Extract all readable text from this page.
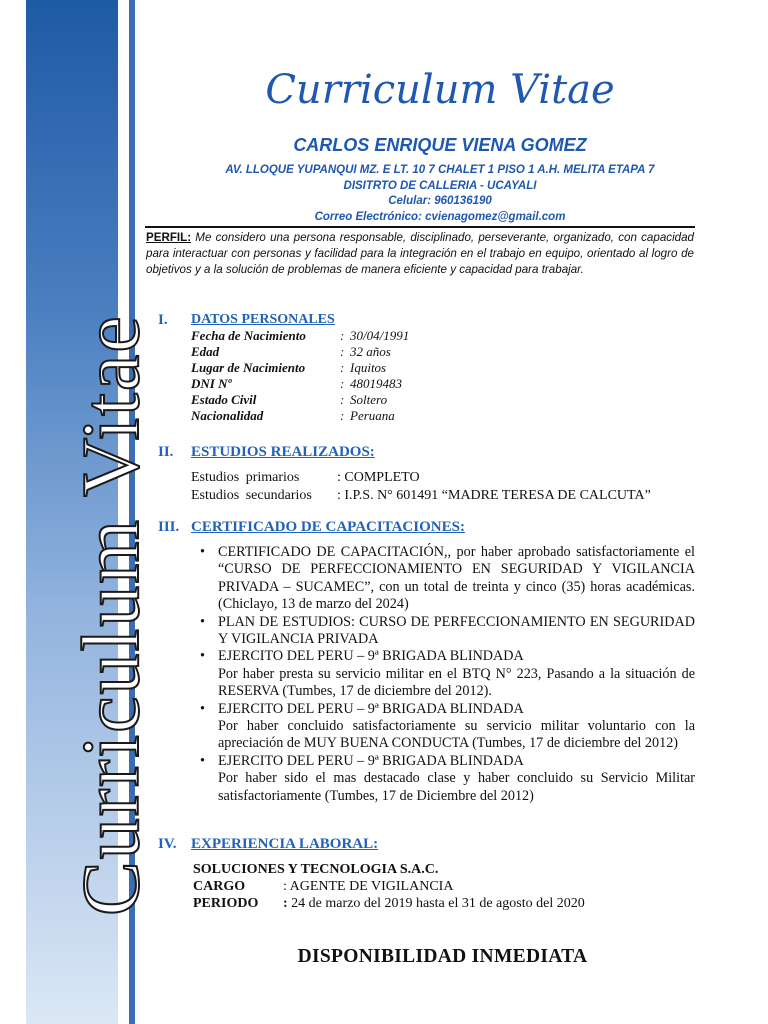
Curriculum Vitae
Curriculum Vitae
CARLOS ENRIQUE VIENA GOMEZ
AV. LLOQUE YUPANQUI MZ. E LT. 10 7 CHALET 1 PISO 1 A.H. MELITA ETAPA 7
DISITRTO DE CALLERIA - UCAYALI
Celular: 960136190
Correo Electrónico: cvienagomez@gmail.com
PERFIL: Me considero una persona responsable, disciplinado, perseverante, organizado, con capacidad para interactuar con personas y facilidad para la integración en el trabajo en equipo, orientado al logro de objetivos y a la solución de problemas de manera eficiente y capacidad para trabajar.
I. DATOS PERSONALES
Fecha de Nacimiento	: 30/04/1991
Edad	: 32 años
Lugar de Nacimiento	: Iquitos
DNI Nº	: 48019483
Estado Civil	: Soltero
Nacionalidad	: Peruana
II. ESTUDIOS REALIZADOS:
Estudios primarios	: COMPLETO
Estudios secundarios : I.P.S. N° 601491 “MADRE TERESA DE CALCUTA”
III. CERTIFICADO DE CAPACITACIONES:
• CERTIFICADO DE CAPACITACIÓN,, por haber aprobado satisfactoriamente el “CURSO DE PERFECCIONAMIENTO EN SEGURIDAD Y VIGILANCIA PRIVADA – SUCAMEC”, con un total de treinta y cinco (35) horas académicas. (Chiclayo, 13 de marzo del 2024)
• PLAN DE ESTUDIOS: CURSO DE PERFECCIONAMIENTO EN SEGURIDAD Y VIGILANCIA PRIVADA
• EJERCITO DEL PERU – 9ª BRIGADA BLINDADA
Por haber presta su servicio militar en el BTQ N° 223, Pasando a la situación de RESERVA (Tumbes, 17 de diciembre del 2012).
• EJERCITO DEL PERU – 9ª BRIGADA BLINDADA
Por haber concluido satisfactoriamente su servicio militar voluntario con la apreciación de MUY BUENA CONDUCTA (Tumbes, 17 de diciembre del 2012)
• EJERCITO DEL PERU – 9ª BRIGADA BLINDADA
Por haber sido el mas destacado clase y haber concluido su Servicio Militar satisfactoriamente (Tumbes, 17 de Diciembre del 2012)
IV. EXPERIENCIA LABORAL:
SOLUCIONES Y TECNOLOGIA S.A.C.
CARGO	: AGENTE DE VIGILANCIA
PERIODO : 24 de marzo del 2019 hasta el 31 de agosto del 2020
DISPONIBILIDAD INMEDIATA
